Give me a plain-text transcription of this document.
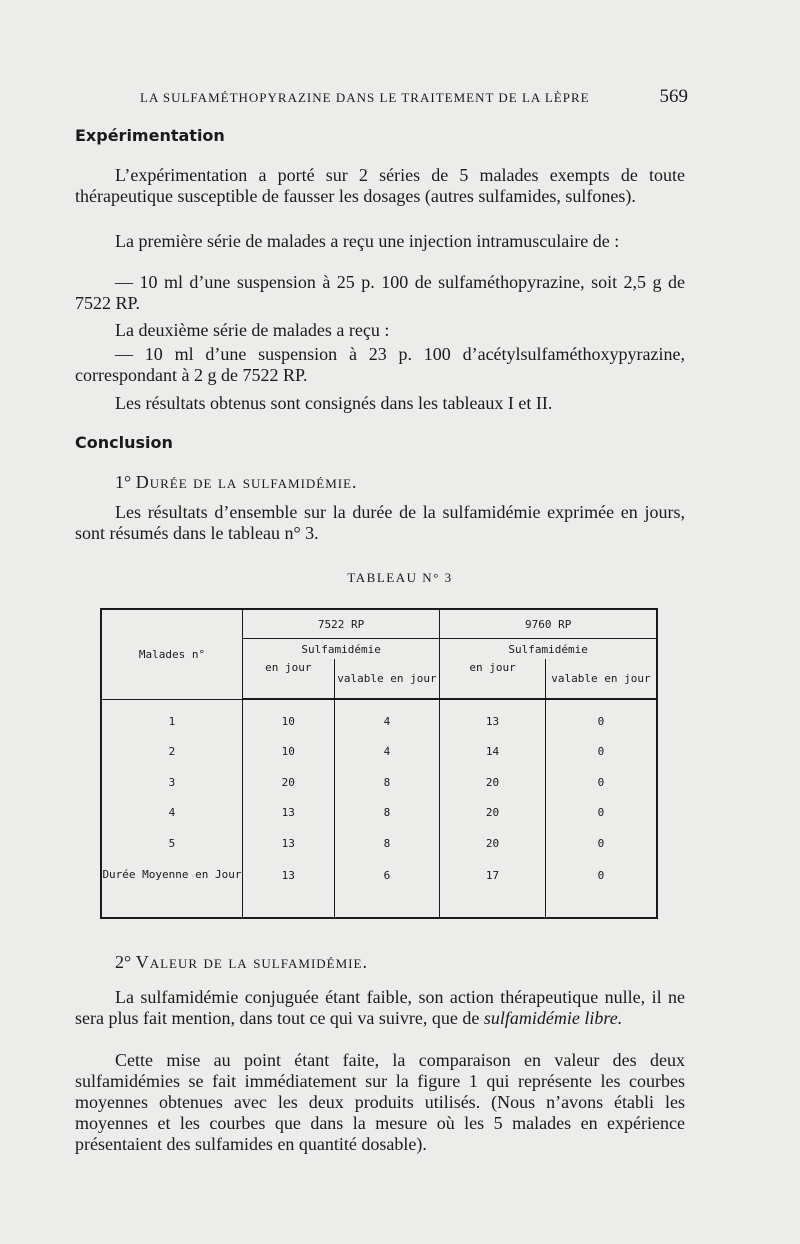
LA SULFAMÉTHOPYRAZINE DANS LE TRAITEMENT DE LA LÈPRE	569
Expérimentation

L’expérimentation a porté sur 2 séries de 5 malades exempts de toute thérapeutique susceptible de fausser les dosages (autres sulfamides, sulfones).

La première série de malades a reçu une injection intramusculaire de :

— 10 ml d’une suspension à 25 p. 100 de sulfaméthopyrazine, soit 2,5 g de 7522 RP.

La deuxième série de malades a reçu :

— 10 ml d’une suspension à 23 p. 100 d’acétylsulfaméthoxypyrazine, correspondant à 2 g de 7522 RP.

Les résultats obtenus sont consignés dans les tableaux I et II.

Conclusion

1° Durée de la sulfamidémie.

Les résultats d’ensemble sur la durée de la sulfamidémie exprimée en jours, sont résumés dans le tableau n° 3.

TABLEAU N° 3
Malades n°	7522 RP		9760 RP	
	Sulfamidémie		Sulfamidémie	
	en jour	valable en jour	en jour	valable en jour
1	10	4	13	0
2	10	4	14	0
3	20	8	20	0
4	13	8	20	0
5	13	8	20	0
Durée Moyenne en Jour	13	6	17	0

2° Valeur de la sulfamidémie.

La sulfamidémie conjuguée étant faible, son action thérapeutique nulle, il ne sera plus fait mention, dans tout ce qui va suivre, que de sulfamidémie libre.

Cette mise au point étant faite, la comparaison en valeur des deux sulfamidémies se fait immédiatement sur la figure 1 qui représente les courbes moyennes obtenues avec les deux produits utilisés. (Nous n’avons établi les moyennes et les courbes que dans la mesure où les 5 malades en expérience présentaient des sulfamides en quantité dosable).
